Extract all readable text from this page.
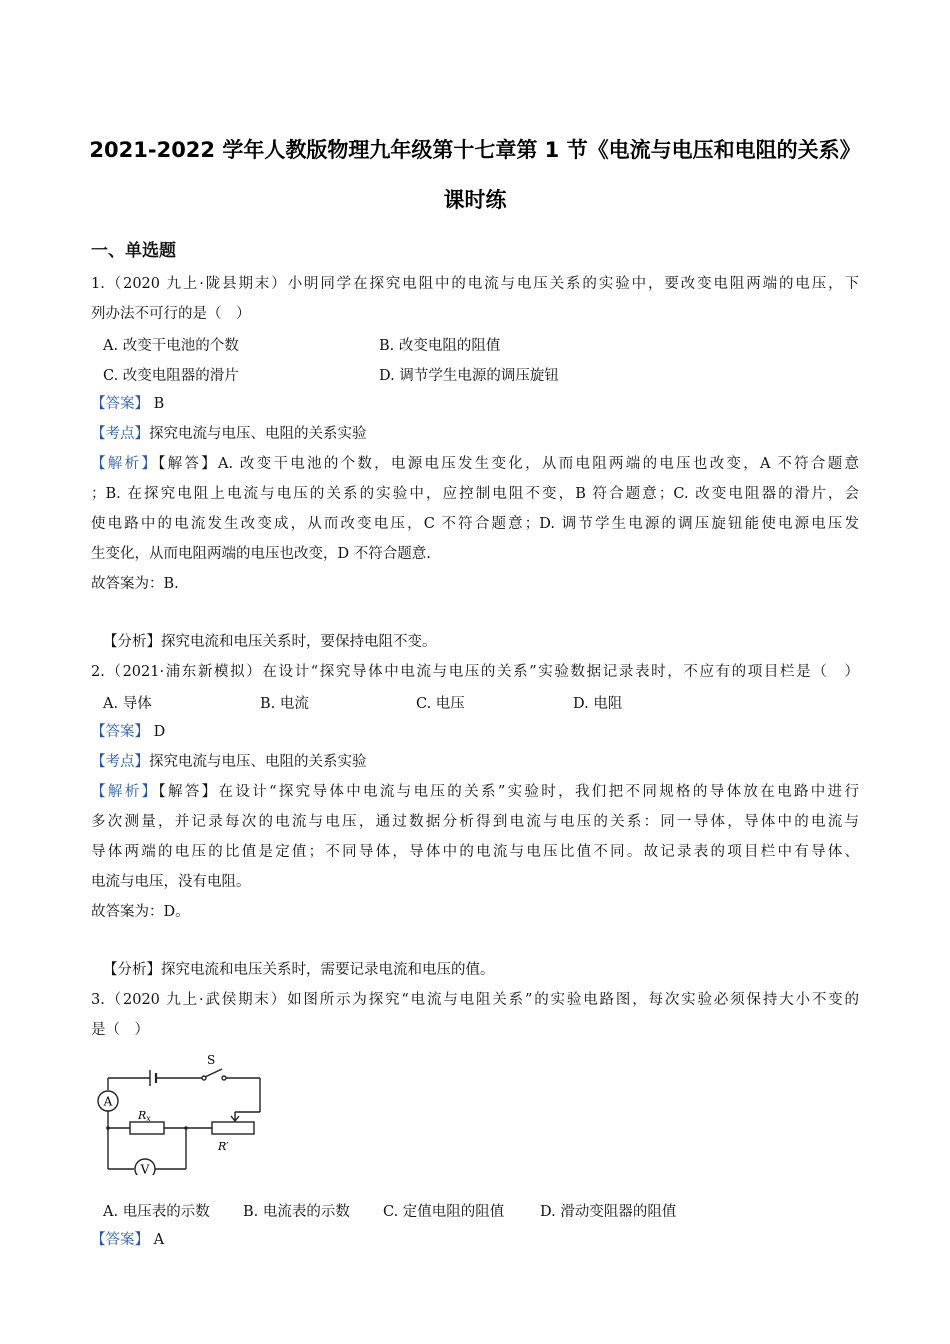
2021-2022 学年人教版物理九年级第十七章第 1 节《电流与电压和电阻的关系》
课时练
一、单选题
1.（2020 九上·陇县期末）小明同学在探究电阻中的电流与电压关系的实验中，要改变电阻两端的电压，下
列办法不可行的是（　）
A. 改变干电池的个数	B. 改变电阻的阻值
C. 改变电阻器的滑片	D. 调节学生电源的调压旋钮
【答案】 B
【考点】探究电流与电压、电阻的关系实验
【解析】【解答】A. 改变干电池的个数，电源电压发生变化，从而电阻两端的电压也改变，A 不符合题意
；B. 在探究电阻上电流与电压的关系的实验中，应控制电阻不变，B 符合题意；C. 改变电阻器的滑片，会
使电路中的电流发生改变成，从而改变电压，C 不符合题意；D. 调节学生电源的调压旋钮能使电源电压发
生变化，从而电阻两端的电压也改变，D 不符合题意.
故答案为：B.
【分析】探究电流和电压关系时，要保持电阻不变。
2.（2021·浦东新模拟）在设计“探究导体中电流与电压的关系”实验数据记录表时，不应有的项目栏是（　）
A. 导体	B. 电流	C. 电压	D. 电阻
【答案】 D
【考点】探究电流与电压、电阻的关系实验
【解析】【解答】在设计“探究导体中电流与电压的关系”实验时，我们把不同规格的导体放在电路中进行
多次测量，并记录每次的电流与电压，通过数据分析得到电流与电压的关系：同一导体，导体中的电流与
导体两端的电压的比值是定值；不同导体，导体中的电流与电压比值不同。故记录表的项目栏中有导体、
电流与电压，没有电阻。
故答案为：D。
【分析】探究电流和电压关系时，需要记录电流和电压的值。
3.（2020 九上·武侯期末）如图所示为探究“电流与电阻关系”的实验电路图，每次实验必须保持大小不变的
是（　）
S
A
V
Rx
R′
A. 电压表的示数 B. 电流表的示数 C. 定值电阻的阻值 D. 滑动变阻器的阻值
【答案】 A
